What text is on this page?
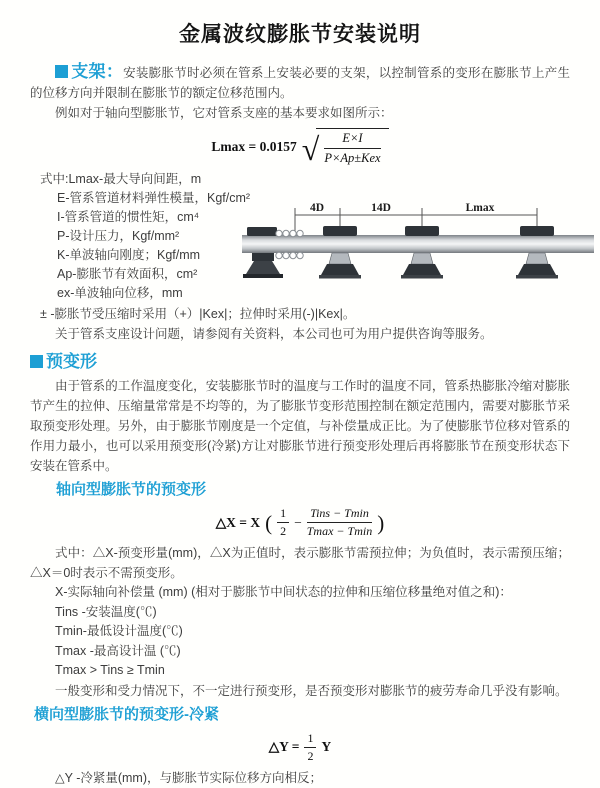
金属波纹膨胀节安装说明

支架：安装膨胀节时必须在管系上安装必要的支架，以控制管系的变形在膨胀节上产生的位移方向并限制在膨胀节的额定位移范围内。

例如对于轴向型膨胀节，它对管系支座的基本要求如图所示：

Lmax = 0.0157 √	E×I
P×Ap±Kex
式中:Lmax-最大导向间距，m
E-管系管道材料弹性模量，Kgf/cm²
I-管系管道的惯性矩，cm⁴
P-设计压力，Kgf/mm²
K-单波轴向刚度；Kgf/mm
Ap-膨胀节有效面积，cm²
ex-单波轴向位移，mm
4D	14D	Lmax
± -膨胀节受压缩时采用（+）|Kex|；拉伸时采用(-)|Kex|。

关于管系支座设计问题，请参阅有关资料，本公司也可为用户提供咨询等服务。

预变形

由于管系的工作温度变化，安装膨胀节时的温度与工作时的温度不同，管系热膨胀冷缩对膨胀节产生的拉伸、压缩量常常是不均等的，为了膨胀节变形范围控制在额定范围内，需要对膨胀节采取预变形处理。另外，由于膨胀节刚度是一个定值，与补偿量成正比。为了使膨胀节位移对管系的作用力最小，也可以采用预变形(冷紧)方让对膨胀节进行预变形处理后再将膨胀节在预变形状态下安装在管系中。

轴向型膨胀节的预变形
△X = X ( $\frac{1}{2} - \frac{\text{Tins − Tmin}}{Tmax - Tmin}$ )

式中：△X-预变形量(mm)，△X为正值时，表示膨胀节需预拉伸；为负值时，表示需预压缩；△X＝0时表示不需预变形。

X-实际轴向补偿量 (mm) (相对于膨胀节中间状态的拉伸和压缩位移量绝对值之和)：
Tins -安装温度(℃)
Tmin-最低设计温度(℃)
Tmax -最高设计温 (℃)
Tmax > Tins ≥ Tmin

一般变形和受力情况下，不一定进行预变形，是否预变形对膨胀节的疲劳寿命几乎没有影响。

横向型膨胀节的预变形-冷紧
△Y = $\frac{1}{2}$ Y
△Y -冷紧量(mm)，与膨胀节实际位移方向相反；
